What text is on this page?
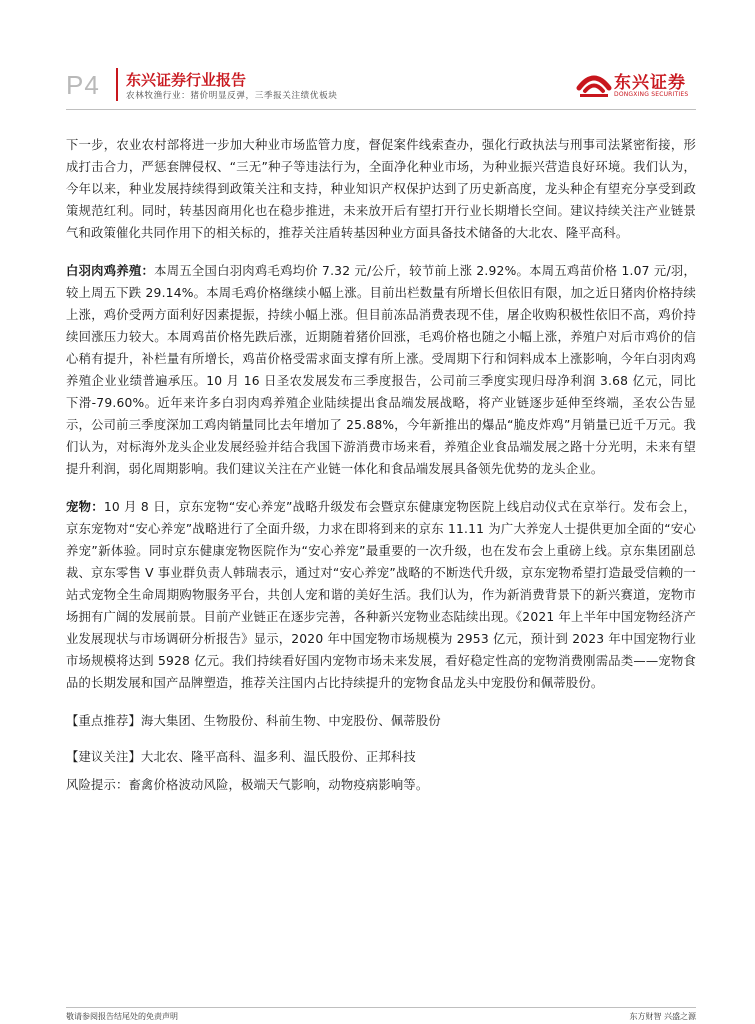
P4 东兴证券行业报告
农林牧渔行业：猪价明显反弹，三季报关注绩优板块
东兴证券
DONGXING SECURITIES

下一步，农业农村部将进一步加大种业市场监管力度，督促案件线索查办，强化行政执法与刑事司法紧密衔接，形成打击合力，严惩套牌侵权、“三无”种子等违法行为，全面净化种业市场，为种业振兴营造良好环境。我们认为，今年以来，种业发展持续得到政策关注和支持，种业知识产权保护达到了历史新高度，龙头种企有望充分享受到政策规范红利。同时，转基因商用化也在稳步推进，未来放开后有望打开行业长期增长空间。建议持续关注产业链景气和政策催化共同作用下的相关标的，推荐关注盾转基因种业方面具备技术储备的大北农、隆平高科。

白羽肉鸡养殖：本周五全国白羽肉鸡毛鸡均价 7.32 元/公斤，较节前上涨 2.92%。本周五鸡苗价格 1.07 元/羽，较上周五下跌 29.14%。本周毛鸡价格继续小幅上涨。目前出栏数量有所增长但依旧有限，加之近日猪肉价格持续上涨，鸡价受两方面利好因素提振，持续小幅上涨。但目前冻品消费表现不佳，屠企收购积极性依旧不高，鸡价持续回涨压力较大。本周鸡苗价格先跌后涨，近期随着猪价回涨，毛鸡价格也随之小幅上涨，养殖户对后市鸡价的信心稍有提升，补栏量有所增长，鸡苗价格受需求面支撑有所上涨。受周期下行和饲料成本上涨影响，今年白羽肉鸡养殖企业业绩普遍承压。10 月 16 日圣农发展发布三季度报告，公司前三季度实现归母净利润 3.68 亿元，同比下滑-79.60%。近年来许多白羽肉鸡养殖企业陆续提出食品端发展战略，将产业链逐步延伸至终端，圣农公告显示，公司前三季度深加工鸡肉销量同比去年增加了 25.88%，今年新推出的爆品“脆皮炸鸡”月销量已近千万元。我们认为，对标海外龙头企业发展经验并结合我国下游消费市场来看，养殖企业食品端发展之路十分光明，未来有望提升利润，弱化周期影响。我们建议关注在产业链一体化和食品端发展具备领先优势的龙头企业。

宠物：10 月 8 日，京东宠物“安心养宠”战略升级发布会暨京东健康宠物医院上线启动仪式在京举行。发布会上，京东宠物对“安心养宠”战略进行了全面升级，力求在即将到来的京东 11.11 为广大养宠人士提供更加全面的“安心养宠”新体验。同时京东健康宠物医院作为“安心养宠”最重要的一次升级，也在发布会上重磅上线。京东集团副总裁、京东零售 V 事业群负责人韩瑞表示，通过对“安心养宠”战略的不断迭代升级，京东宠物希望打造最受信赖的一站式宠物全生命周期购物服务平台，共创人宠和谐的美好生活。我们认为，作为新消费背景下的新兴赛道，宠物市场拥有广阔的发展前景。目前产业链正在逐步完善，各种新兴宠物业态陆续出现。《2021 年上半年中国宠物经济产业发展现状与市场调研分析报告》显示，2020 年中国宠物市场规模为 2953 亿元，预计到 2023 年中国宠物行业市场规模将达到 5928 亿元。我们持续看好国内宠物市场未来发展，看好稳定性高的宠物消费刚需品类——宠物食品的长期发展和国产品牌塑造，推荐关注国内占比持续提升的宠物食品龙头中宠股份和佩蒂股份。

【重点推荐】海大集团、生物股份、科前生物、中宠股份、佩蒂股份

【建议关注】大北农、隆平高科、温多利、温氏股份、正邦科技

风险提示：畜禽价格波动风险，极端天气影响，动物疫病影响等。

敬请参阅报告结尾处的免责声明	东方财智 兴盛之源
